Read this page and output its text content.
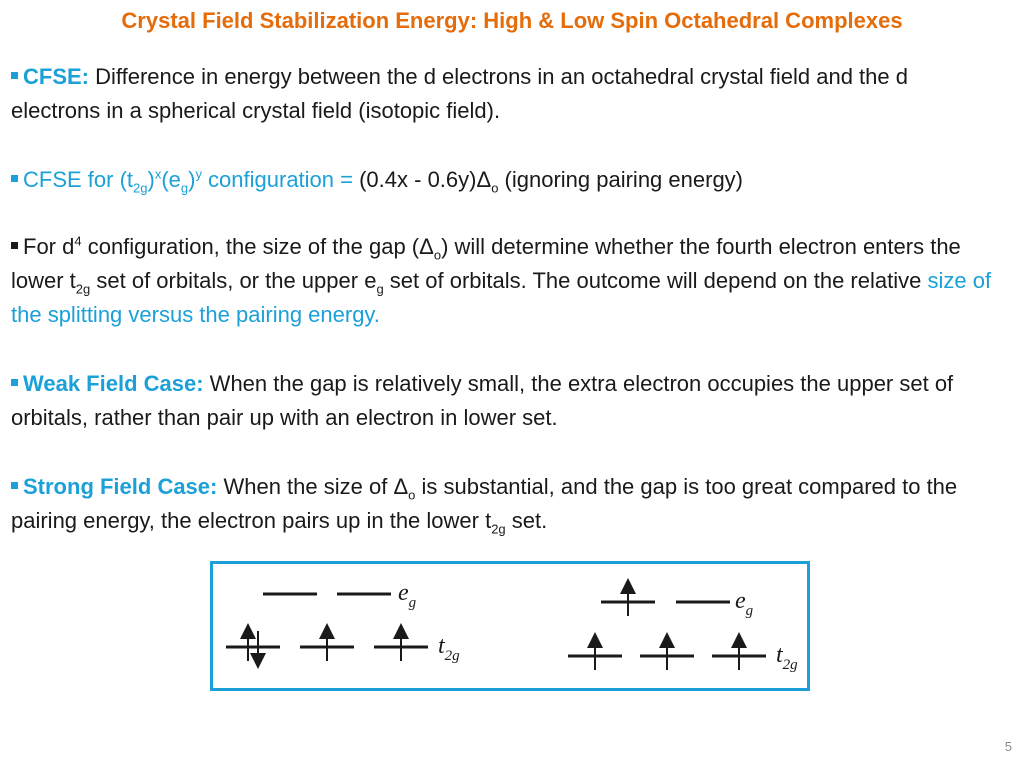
Crystal Field Stabilization Energy: High & Low Spin Octahedral Complexes
CFSE: Difference in energy between the d electrons in an octahedral crystal field and the d electrons in a spherical crystal field (isotopic field).
CFSE for $(t_{2g})^x(e_g)^y$ configuration = $(0.4x - 0.6y)\Delta_o$ (ignoring pairing energy)
For $d^4$ configuration, the size of the gap $(\Delta_o)$ will determine whether the fourth electron enters the lower $t_{2g}$ set of orbitals, or the upper $e_g$ set of orbitals. The outcome will depend on the relative size of the splitting versus the pairing energy.
Weak Field Case: When the gap is relatively small, the extra electron occupies the upper set of orbitals, rather than pair up with an electron in lower set.
Strong Field Case: When the size of $\Delta_o$ is substantial, and the gap is too great compared to the pairing energy, the electron pairs up in the lower $t_{2g}$ set.
$e_g$
$t_{2g}$
$e_g$
$t_{2g}$
5
